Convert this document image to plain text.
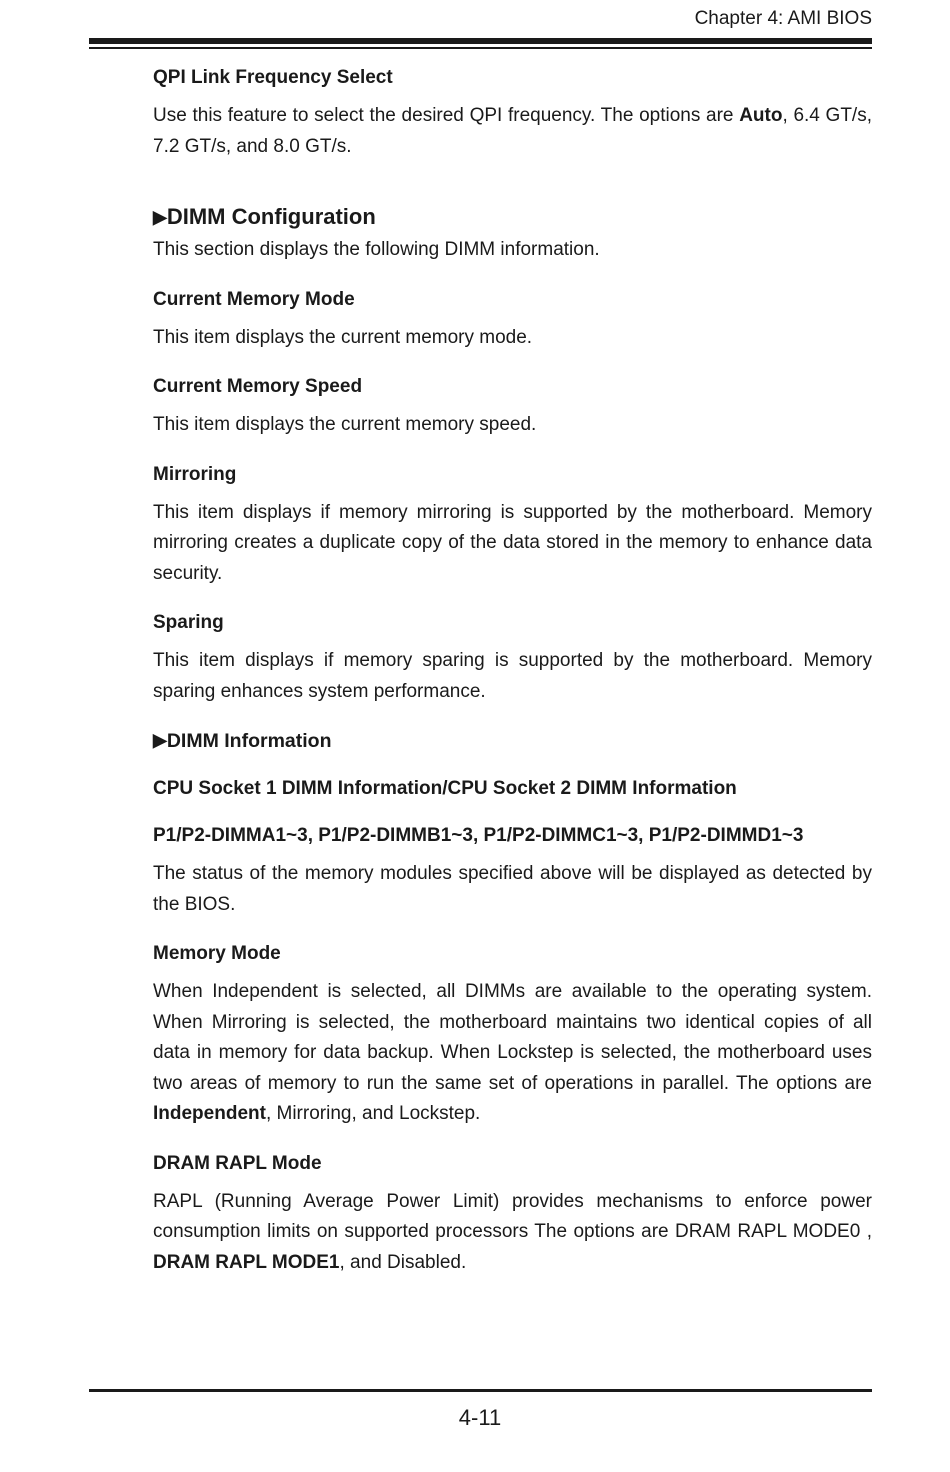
Chapter 4: AMI BIOS
QPI Link Frequency Select

Use this feature to select the desired QPI frequency. The options are Auto, 6.4 GT/s, 7.2 GT/s, and 8.0 GT/s.

▶DIMM Configuration

This section displays the following DIMM information.

Current Memory Mode

This item displays the current memory mode.

Current Memory Speed

This item displays the current memory speed.

Mirroring

This item displays if memory mirroring is supported by the motherboard. Memory mirroring creates a duplicate copy of the data stored in the memory to enhance data security.

Sparing

This item displays if memory sparing is supported by the motherboard. Memory sparing enhances system performance.

▶DIMM Information
CPU Socket 1 DIMM Information/CPU Socket 2 DIMM Information
P1/P2-DIMMA1~3, P1/P2-DIMMB1~3, P1/P2-DIMMC1~3, P1/P2-DIMMD1~3

The status of the memory modules specified above will be displayed as detected by the BIOS.

Memory Mode

When Independent is selected, all DIMMs are available to the operating system. When Mirroring is selected, the motherboard maintains two identical copies of all data in memory for data backup. When Lockstep is selected, the motherboard uses two areas of memory to run the same set of operations in parallel. The options are Independent, Mirroring, and Lockstep.

DRAM RAPL Mode

RAPL (Running Average Power Limit) provides mechanisms to enforce power consumption limits on supported processors The options are DRAM RAPL MODE0 , DRAM RAPL MODE1, and Disabled.

4-11
